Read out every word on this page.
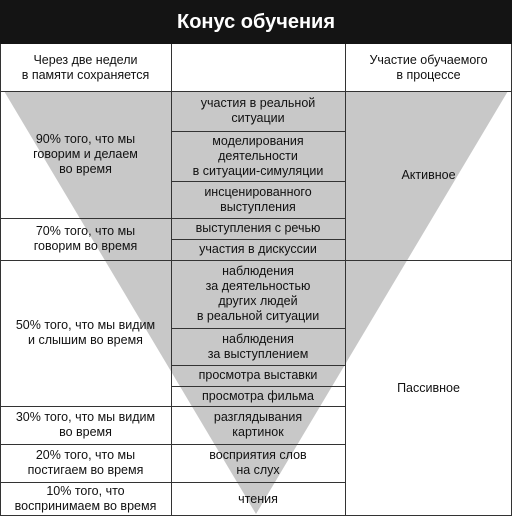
Конус обучения
Через две недели
в памяти сохраняется
Участие обучаемого
в процессе
90% того, что мы
говорим и делаем
во время
70% того, что мы
говорим во время
50% того, что мы видим
и слышим во время
30% того, что мы видим
во время
20% того, что мы
постигаем во время
10% того, что
воспринимаем во время
участия в реальной
ситуации
моделирования
деятельности
в ситуации-симуляции
инсценированного
выступления
выступления с речью
участия в дискуссии
наблюдения
за деятельностью
других людей
в реальной ситуации
наблюдения
за выступлением
просмотра выставки
просмотра фильма
разглядывания
картинок
восприятия слов
на слух
чтения
Активное
Пассивное
